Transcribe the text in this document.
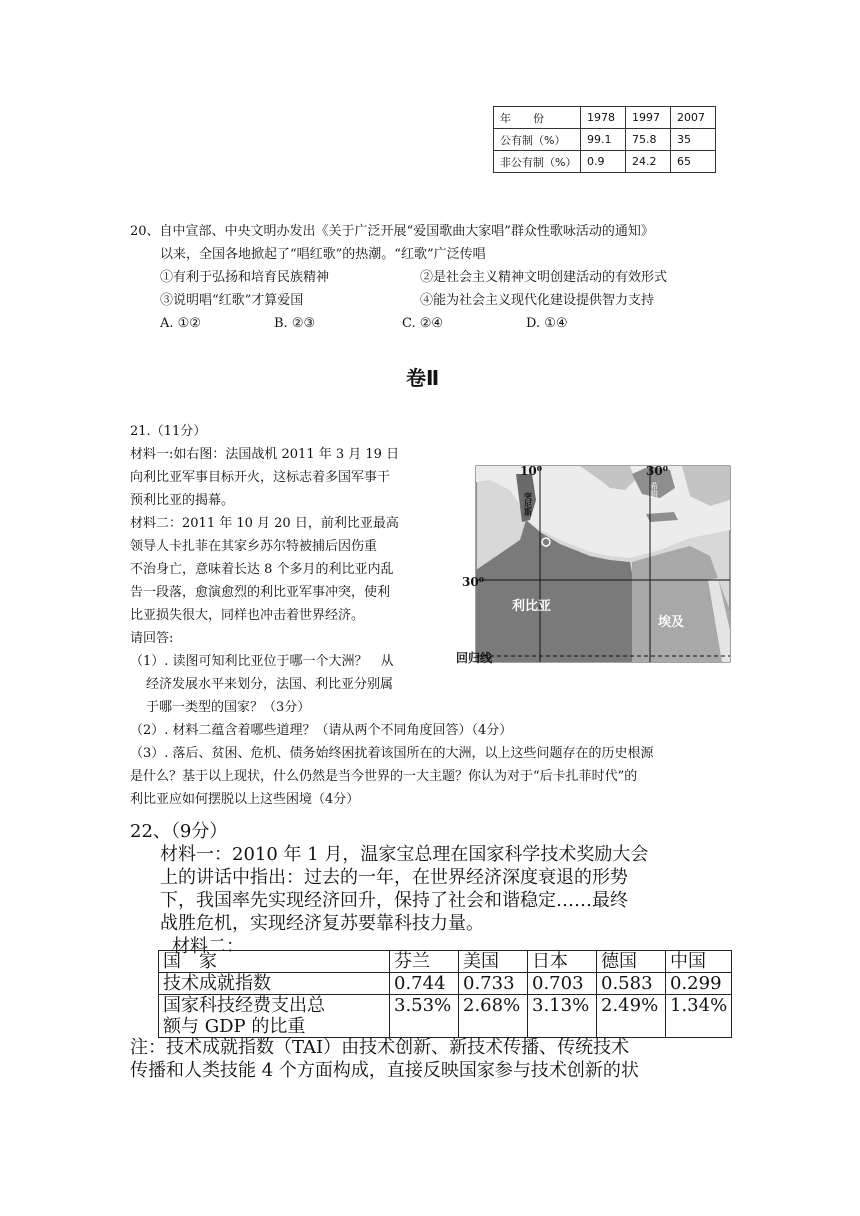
年　　份	1978	1997	2007
公有制（%）	99.1	75.8	35
非公有制（%）	0.9	24.2	65
20、自中宣部、中央文明办发出《关于广泛开展“爱国歌曲大家唱”群众性歌咏活动的通知》
以来，全国各地掀起了“唱红歌”的热潮。“红歌”广泛传唱
①有利于弘扬和培育民族精神	②是社会主义精神文明创建活动的有效形式
③说明唱“红歌”才算爱国	④能为社会主义现代化建设提供智力支持
A. ①②	B. ②③	C. ②④	D. ①④
卷Ⅱ
21.（11分）
材料一:如右图：法国战机 2011 年 3 月 19 日
向利比亚军事目标开火，这标志着多国军事干
预利比亚的揭幕。
材料二：2011 年 10 月 20 日，前利比亚最高
领导人卡扎菲在其家乡苏尔特被捕后因伤重
不治身亡，意味着长达 8 个多月的利比亚内乱
告一段落，愈演愈烈的利比亚军事冲突，使利
比亚损失很大，同样也冲击着世界经济。
请回答:
（1）. 读图可知利比亚位于哪一个大洲？　从
经济发展水平来划分，法国、利比亚分别属
于哪一类型的国家？（3分）
（2）. 材料二蕴含着哪些道理？（请从两个不同角度回答）（4分）
（3）. 落后、贫困、危机、债务始终困扰着该国所在的大洲，以上这些问题存在的历史根源
是什么？基于以上现状，什么仍然是当今世界的一大主题？你认为对于“后卡扎菲时代”的
利比亚应如何摆脱以上这些困境（4分）
10⁰	30⁰
30⁰
突尼斯
希腊
利比亚
埃及
回归线
22、（9分）
材料一：2010 年 1 月，温家宝总理在国家科学技术奖励大会
上的讲话中指出：过去的一年，在世界经济深度衰退的形势
下，我国率先实现经济回升，保持了社会和谐稳定……最终
战胜危机，实现经济复苏要靠科技力量。
材料二：
国　家	芬兰	美国	日本	德国	中国
技术成就指数	0.744	0.733	0.703	0.583	0.299

国家科技经费支出总
额与 GDP 的比重	3.53%	2.68%	3.13%	2.49%	1.34%
注：技术成就指数（TAI）由技术创新、新技术传播、传统技术
传播和人类技能 4 个方面构成，直接反映国家参与技术创新的状
